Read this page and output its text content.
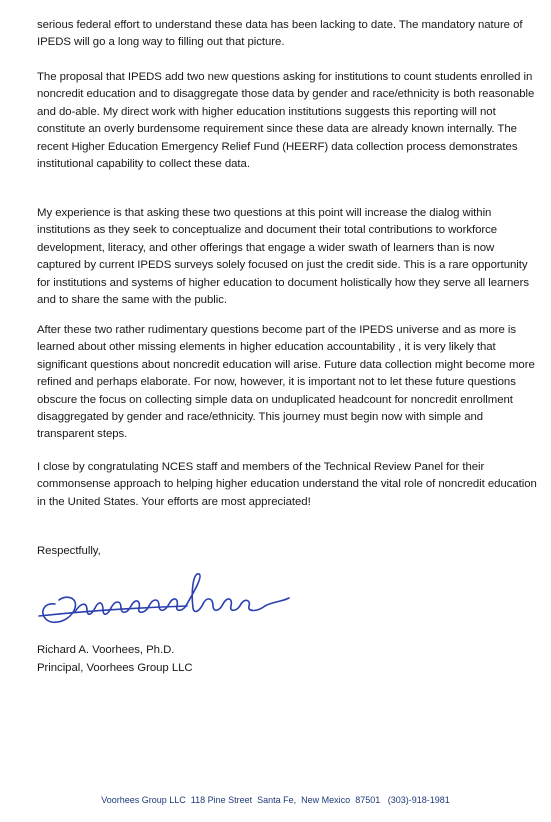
serious federal effort to understand these data has been lacking to date. The mandatory nature of IPEDS will go a long way to filling out that picture.

The proposal that IPEDS add two new questions asking for institutions to count students enrolled in noncredit education and to disaggregate those data by gender and race/ethnicity is both reasonable and do-able. My direct work with higher education institutions suggests this reporting will not constitute an overly burdensome requirement since these data are already known internally. The recent Higher Education Emergency Relief Fund (HEERF) data collection process demonstrates institutional capability to collect these data.

My experience is that asking these two questions at this point will increase the dialog within institutions as they seek to conceptualize and document their total contributions to workforce development, literacy, and other offerings that engage a wider swath of learners than is now captured by current IPEDS surveys solely focused on just the credit side. This is a rare opportunity for institutions and systems of higher education to document holistically how they serve all learners and to share the same with the public.

After these two rather rudimentary questions become part of the IPEDS universe and as more is learned about other missing elements in higher education accountability , it is very likely that significant questions about noncredit education will arise. Future data collection might become more refined and perhaps elaborate. For now, however, it is important not to let these future questions obscure the focus on collecting simple data on unduplicated headcount for noncredit enrollment disaggregated by gender and race/ethnicity. This journey must begin now with simple and transparent steps.

I close by congratulating NCES staff and members of the Technical Review Panel for their commonsense approach to helping higher education understand the vital role of noncredit education in the United States. Your efforts are most appreciated!

Respectfully,

Richard A. Voorhees, Ph.D.

Principal, Voorhees Group LLC

Voorhees Group LLC  118 Pine Street  Santa Fe,  New Mexico  87501   (303)-918-1981
